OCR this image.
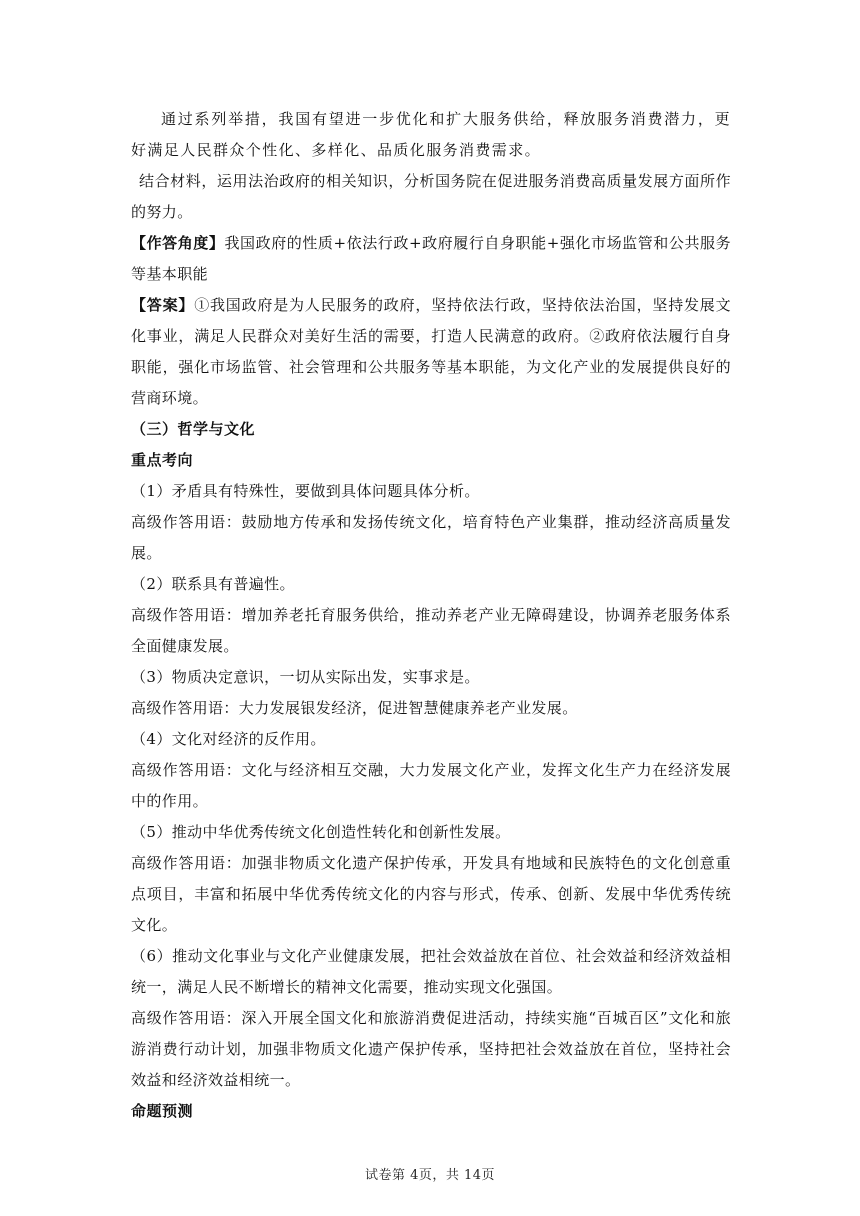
通过系列举措，我国有望进一步优化和扩大服务供给，释放服务消费潜力，更好满足人民群众个性化、多样化、品质化服务消费需求。

结合材料，运用法治政府的相关知识，分析国务院在促进服务消费高质量发展方面所作的努力。

【作答角度】我国政府的性质+依法行政+政府履行自身职能+强化市场监管和公共服务等基本职能

【答案】①我国政府是为人民服务的政府，坚持依法行政，坚持依法治国，坚持发展文化事业，满足人民群众对美好生活的需要，打造人民满意的政府。②政府依法履行自身职能，强化市场监管、社会管理和公共服务等基本职能，为文化产业的发展提供良好的营商环境。

（三）哲学与文化

重点考向

（1）矛盾具有特殊性，要做到具体问题具体分析。

高级作答用语：鼓励地方传承和发扬传统文化，培育特色产业集群，推动经济高质量发展。

（2）联系具有普遍性。

高级作答用语：增加养老托育服务供给，推动养老产业无障碍建设，协调养老服务体系全面健康发展。

（3）物质决定意识，一切从实际出发，实事求是。

高级作答用语：大力发展银发经济，促进智慧健康养老产业发展。

（4）文化对经济的反作用。

高级作答用语：文化与经济相互交融，大力发展文化产业，发挥文化生产力在经济发展中的作用。

（5）推动中华优秀传统文化创造性转化和创新性发展。

高级作答用语：加强非物质文化遗产保护传承，开发具有地域和民族特色的文化创意重点项目，丰富和拓展中华优秀传统文化的内容与形式，传承、创新、发展中华优秀传统文化。

（6）推动文化事业与文化产业健康发展，把社会效益放在首位、社会效益和经济效益相统一，满足人民不断增长的精神文化需要，推动实现文化强国。

高级作答用语：深入开展全国文化和旅游消费促进活动，持续实施“百城百区”文化和旅游消费行动计划，加强非物质文化遗产保护传承，坚持把社会效益放在首位，坚持社会效益和经济效益相统一。

命题预测

试卷第 4页，共 14页
